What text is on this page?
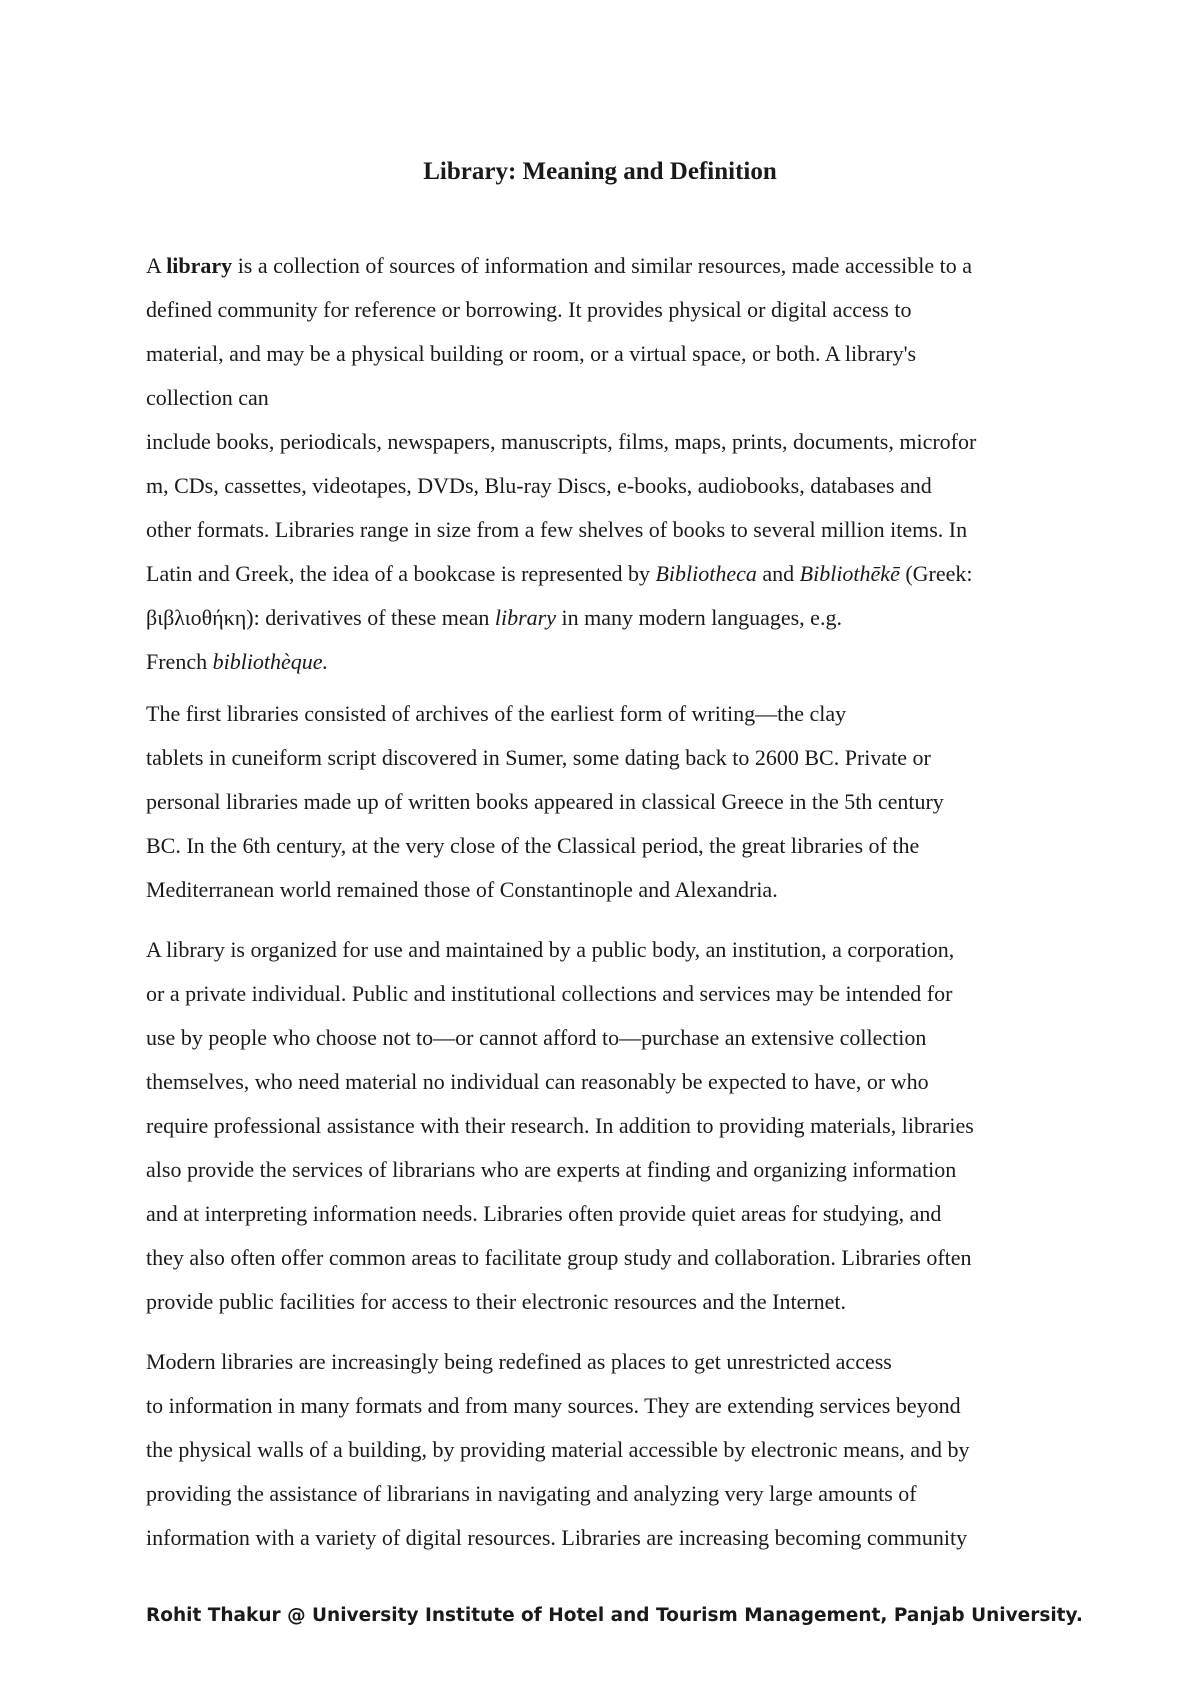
Library: Meaning and Definition
A library is a collection of sources of information and similar resources, made accessible to a
defined community for reference or borrowing. It provides physical or digital access to
material, and may be a physical building or room, or a virtual space, or both. A library's
collection can
include books, periodicals, newspapers, manuscripts, films, maps, prints, documents, microfor
m, CDs, cassettes, videotapes, DVDs, Blu-ray Discs, e-books, audiobooks, databases and
other formats. Libraries range in size from a few shelves of books to several million items. In
Latin and Greek, the idea of a bookcase is represented by Bibliotheca and Bibliothēkē (Greek:
βιβλιοθήκη): derivatives of these mean library in many modern languages, e.g.
French bibliothèque.
The first libraries consisted of archives of the earliest form of writing—the clay
tablets in cuneiform script discovered in Sumer, some dating back to 2600 BC. Private or
personal libraries made up of written books appeared in classical Greece in the 5th century
BC. In the 6th century, at the very close of the Classical period, the great libraries of the
Mediterranean world remained those of Constantinople and Alexandria.
A library is organized for use and maintained by a public body, an institution, a corporation,
or a private individual. Public and institutional collections and services may be intended for
use by people who choose not to—or cannot afford to—purchase an extensive collection
themselves, who need material no individual can reasonably be expected to have, or who
require professional assistance with their research. In addition to providing materials, libraries
also provide the services of librarians who are experts at finding and organizing information
and at interpreting information needs. Libraries often provide quiet areas for studying, and
they also often offer common areas to facilitate group study and collaboration. Libraries often
provide public facilities for access to their electronic resources and the Internet.
Modern libraries are increasingly being redefined as places to get unrestricted access
to information in many formats and from many sources. They are extending services beyond
the physical walls of a building, by providing material accessible by electronic means, and by
providing the assistance of librarians in navigating and analyzing very large amounts of
information with a variety of digital resources. Libraries are increasing becoming community
Rohit Thakur @ University Institute of Hotel and Tourism Management, Panjab University.
